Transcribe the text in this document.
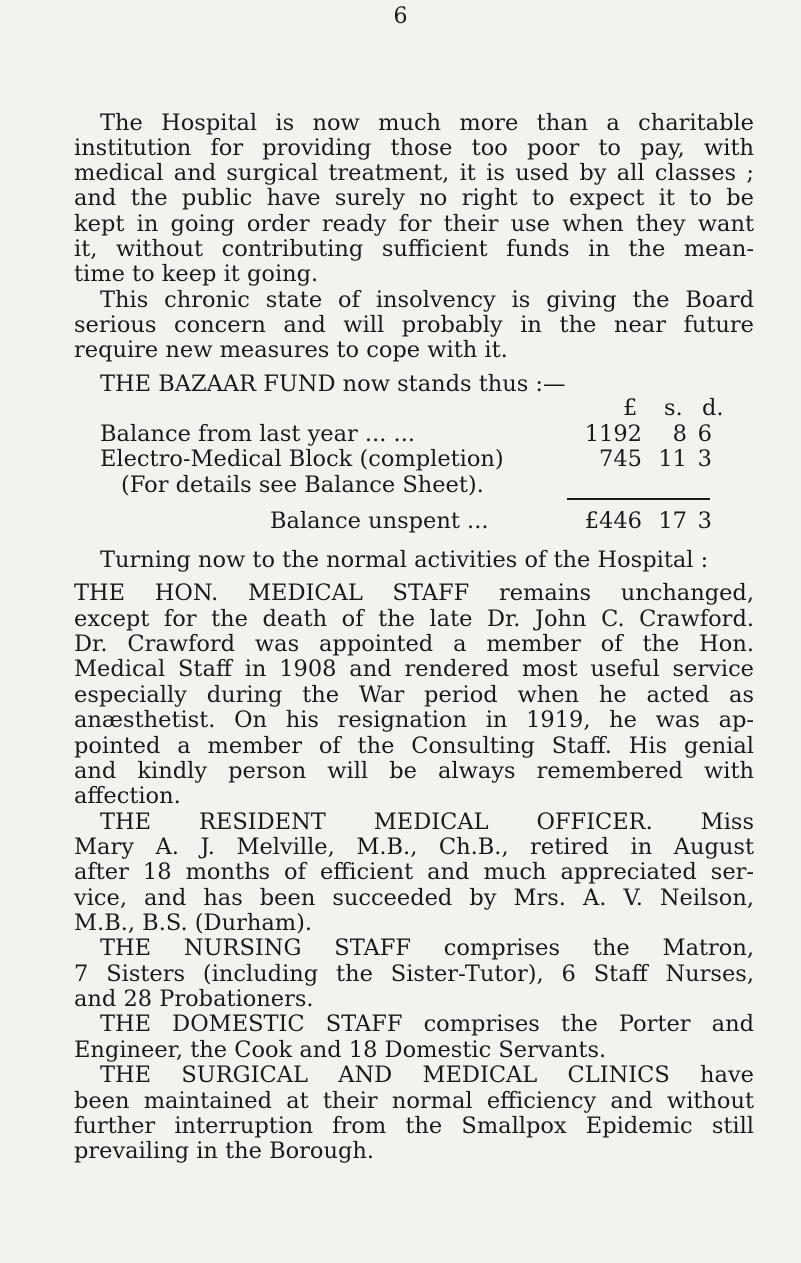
6
The Hospital is now much more than a charitable
institution for providing those too poor to pay, with
medical and surgical treatment, it is used by all classes ;
and the public have surely no right to expect it to be
kept in going order ready for their use when they want
it, without contributing sufficient funds in the mean-
time to keep it going.
This chronic state of insolvency is giving the Board
serious concern and will probably in the near future
require new measures to cope with it.
THE BAZAAR FUND now stands thus :—
£ s. d.
Balance from last year ... ...	1192	8 6
Electro-Medical Block (completion)	745 11 3
(For details see Balance Sheet).
Balance unspent ...	£446 17 3
Turning now to the normal activities of the Hospital :
THE HON. MEDICAL STAFF remains unchanged,
except for the death of the late Dr. John C. Crawford.
Dr. Crawford was appointed a member of the Hon.
Medical Staff in 1908 and rendered most useful service
especially during the War period when he acted as
anæsthetist. On his resignation in 1919, he was ap-
pointed a member of the Consulting Staff. His genial
and kindly person will be always remembered with
affection.
THE RESIDENT MEDICAL OFFICER. Miss
Mary A. J. Melville, M.B., Ch.B., retired in August
after 18 months of efficient and much appreciated ser-
vice, and has been succeeded by Mrs. A. V. Neilson,
M.B., B.S. (Durham).
THE NURSING STAFF comprises the Matron,
7 Sisters (including the Sister-Tutor), 6 Staff Nurses,
and 28 Probationers.
THE DOMESTIC STAFF comprises the Porter and
Engineer, the Cook and 18 Domestic Servants.
THE SURGICAL AND MEDICAL CLINICS have
been maintained at their normal efficiency and without
further interruption from the Smallpox Epidemic still
prevailing in the Borough.
